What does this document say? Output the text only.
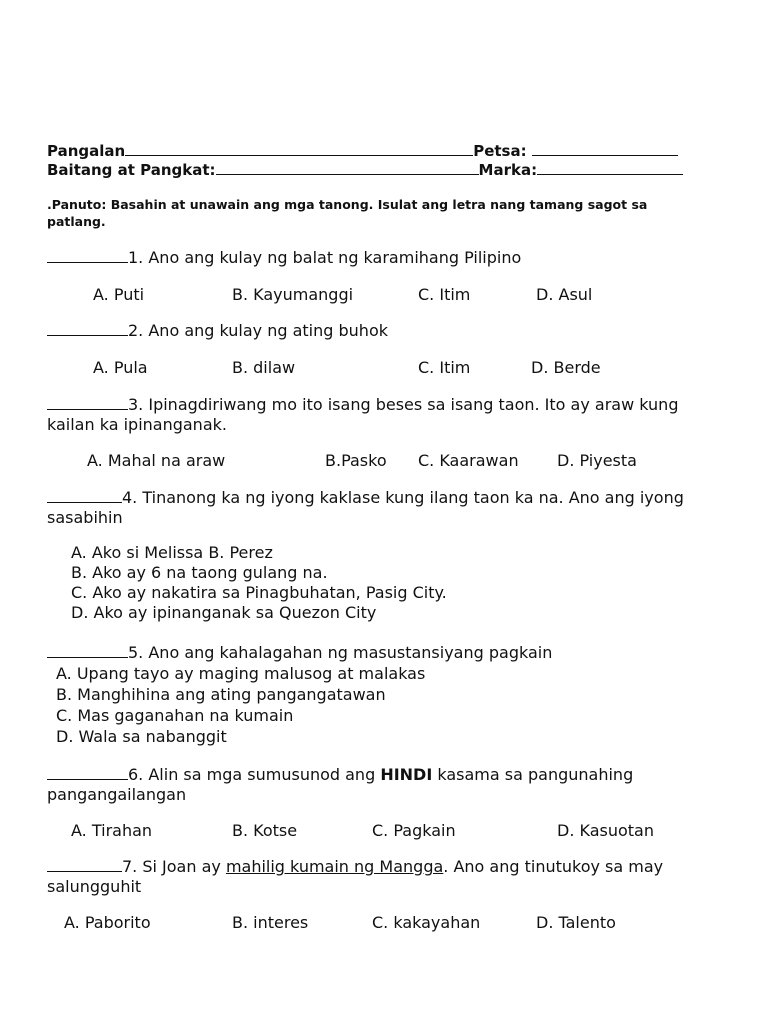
Pangalan	Petsa:
Baitang at Pangkat:	Marka:
.Panuto: Basahin at unawain ang mga tanong. Isulat ang letra nang tamang sagot sa patlang.
1. Ano ang kulay ng balat ng karamihang Pilipino
A. Puti	B. Kayumanggi	C. Itim	D. Asul
2. Ano ang kulay ng ating buhok
A. Pula	B. dilaw	C. Itim	D. Berde
3. Ipinagdiriwang mo ito isang beses sa isang taon. Ito ay araw kung kailan ka ipinanganak.
A. Mahal na araw	B.Pasko C. Kaarawan D. Piyesta
4. Tinanong ka ng iyong kaklase kung ilang taon ka na. Ano ang iyong sasabihin
A. Ako si Melissa B. Perez
B. Ako ay 6 na taong gulang na.
C. Ako ay nakatira sa Pinagbuhatan, Pasig City.
D. Ako ay ipinanganak sa Quezon City
5. Ano ang kahalagahan ng masustansiyang pagkain
A. Upang tayo ay maging malusog at malakas
B. Manghihina ang ating pangangatawan
C. Mas gaganahan na kumain
D. Wala sa nabanggit
6. Alin sa mga sumusunod ang HINDI kasama sa pangunahing pangangailangan
A. Tirahan	B. Kotse	C. Pagkain	D. Kasuotan
7. Si Joan ay mahilig kumain ng Mangga. Ano ang tinutukoy sa may salungguhit
A. Paborito	B. interes	C. kakayahan	D. Talento
